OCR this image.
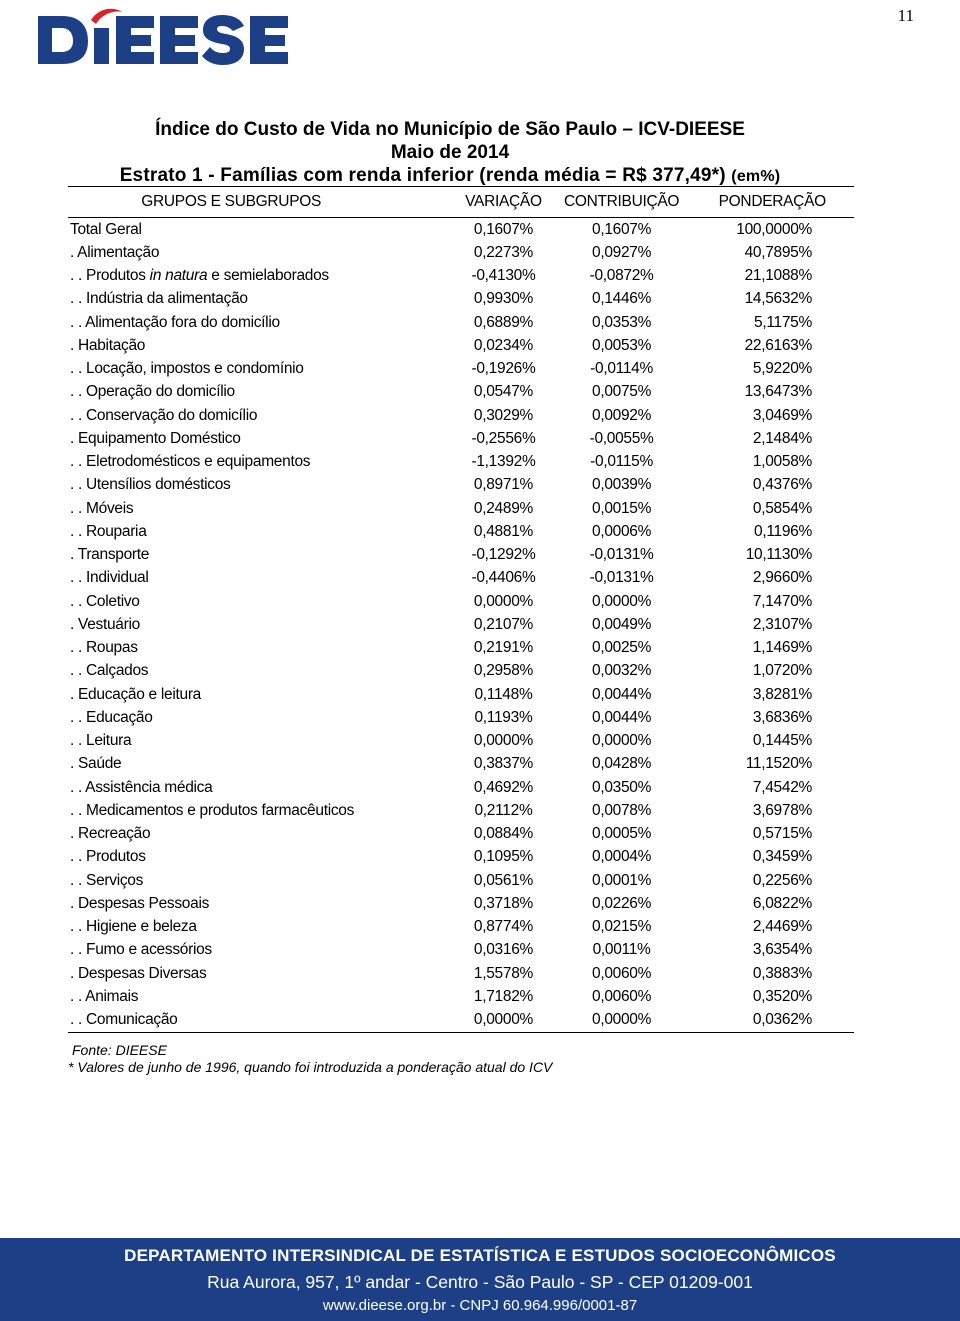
11
Índice do Custo de Vida no Município de São Paulo – ICV-DIEESE
Maio de 2014
Estrato 1 - Famílias com renda inferior (renda média = R$ 377,49*) (em%)
GRUPOS E SUBGRUPOS	VARIAÇÃO	CONTRIBUIÇÃO	PONDERAÇÃO
Total Geral	0,1607%	0,1607%	100,0000%
. Alimentação	0,2273%	0,0927%	40,7895%
. . Produtos in natura e semielaborados	-0,4130%	-0,0872%	21,1088%
. . Indústria da alimentação	0,9930%	0,1446%	14,5632%
. . Alimentação fora do domicílio	0,6889%	0,0353%	5,1175%
. Habitação	0,0234%	0,0053%	22,6163%
. . Locação, impostos e condomínio	-0,1926%	-0,0114%	5,9220%
. . Operação do domicílio	0,0547%	0,0075%	13,6473%
. . Conservação do domicílio	0,3029%	0,0092%	3,0469%
. Equipamento Doméstico	-0,2556%	-0,0055%	2,1484%
. . Eletrodomésticos e equipamentos	-1,1392%	-0,0115%	1,0058%
. . Utensílios domésticos	0,8971%	0,0039%	0,4376%
. . Móveis	0,2489%	0,0015%	0,5854%
. . Rouparia	0,4881%	0,0006%	0,1196%
. Transporte	-0,1292%	-0,0131%	10,1130%
. . Individual	-0,4406%	-0,0131%	2,9660%
. . Coletivo	0,0000%	0,0000%	7,1470%
. Vestuário	0,2107%	0,0049%	2,3107%
. . Roupas	0,2191%	0,0025%	1,1469%
. . Calçados	0,2958%	0,0032%	1,0720%
. Educação e leitura	0,1148%	0,0044%	3,8281%
. . Educação	0,1193%	0,0044%	3,6836%
. . Leitura	0,0000%	0,0000%	0,1445%
. Saúde	0,3837%	0,0428%	11,1520%
. . Assistência médica	0,4692%	0,0350%	7,4542%
. . Medicamentos e produtos farmacêuticos	0,2112%	0,0078%	3,6978%
. Recreação	0,0884%	0,0005%	0,5715%
. . Produtos	0,1095%	0,0004%	0,3459%
. . Serviços	0,0561%	0,0001%	0,2256%
. Despesas Pessoais	0,3718%	0,0226%	6,0822%
. . Higiene e beleza	0,8774%	0,0215%	2,4469%
. . Fumo e acessórios	0,0316%	0,0011%	3,6354%
. Despesas Diversas	1,5578%	0,0060%	0,3883%
. . Animais	1,7182%	0,0060%	0,3520%
. . Comunicação	0,0000%	0,0000%	0,0362%
Fonte: DIEESE
* Valores de junho de 1996, quando foi introduzida a ponderação atual do ICV
DEPARTAMENTO INTERSINDICAL DE ESTATÍSTICA E ESTUDOS SOCIOECONÔMICOS
Rua Aurora, 957, 1º andar - Centro - São Paulo - SP - CEP 01209-001
www.dieese.org.br - CNPJ 60.964.996/0001-87
